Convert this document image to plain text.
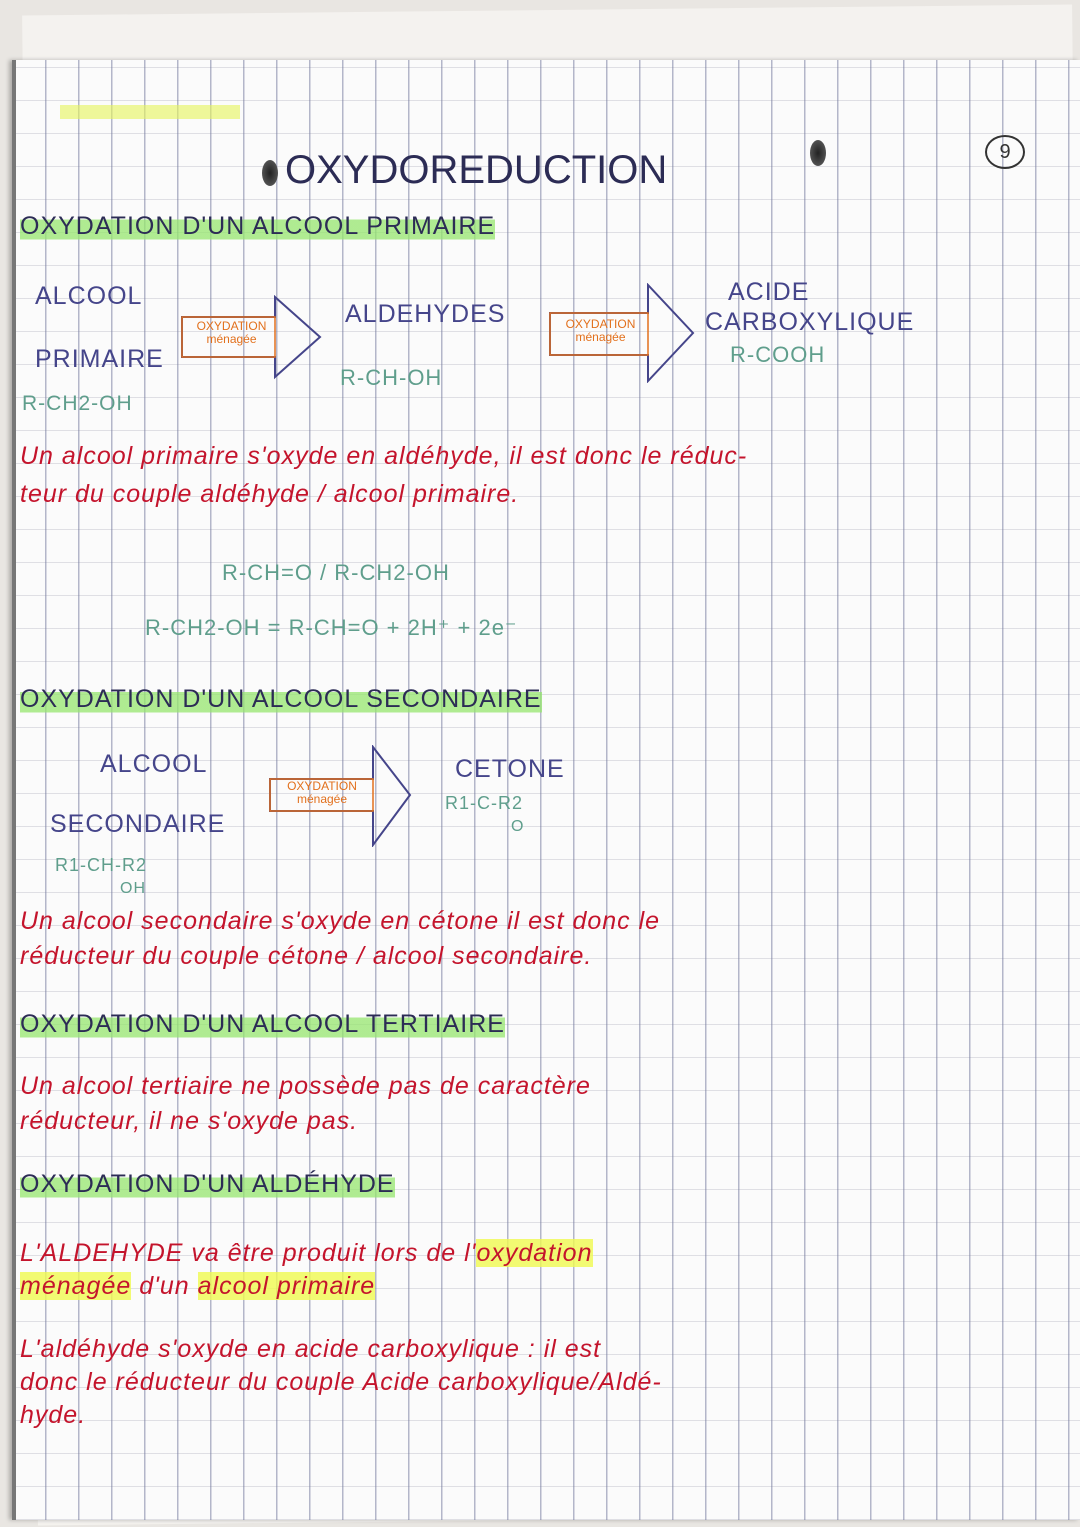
9
OXYDOREDUCTION
OXYDATION D'UN ALCOOL PRIMAIRE
ALCOOL
PRIMAIRE
R-CH2-OH
OXYDATION
ménagée
ALDEHYDES
R-CH-OH
OXYDATION
ménagée
ACIDE
CARBOXYLIQUE
R-COOH
Un alcool primaire s'oxyde en aldéhyde, il est donc le réduc-
teur du couple aldéhyde / alcool primaire.
R-CH=O / R-CH2-OH
R-CH2-OH = R-CH=O + 2H⁺ + 2e⁻
OXYDATION D'UN ALCOOL SECONDAIRE
ALCOOL
SECONDAIRE
R1-CH-R2
OH
OXYDATION
ménagée
CETONE
R1-C-R2
O
Un alcool secondaire s'oxyde en cétone il est donc le
réducteur du couple cétone / alcool secondaire.
OXYDATION D'UN ALCOOL TERTIAIRE
Un alcool tertiaire ne possède pas de caractère
réducteur, il ne s'oxyde pas.
OXYDATION D'UN ALDÉHYDE
L'ALDEHYDE va être produit lors de l'oxydation
ménagée d'un alcool primaire
L'aldéhyde s'oxyde en acide carboxylique : il est
donc le réducteur du couple Acide carboxylique/Aldé-
hyde.
